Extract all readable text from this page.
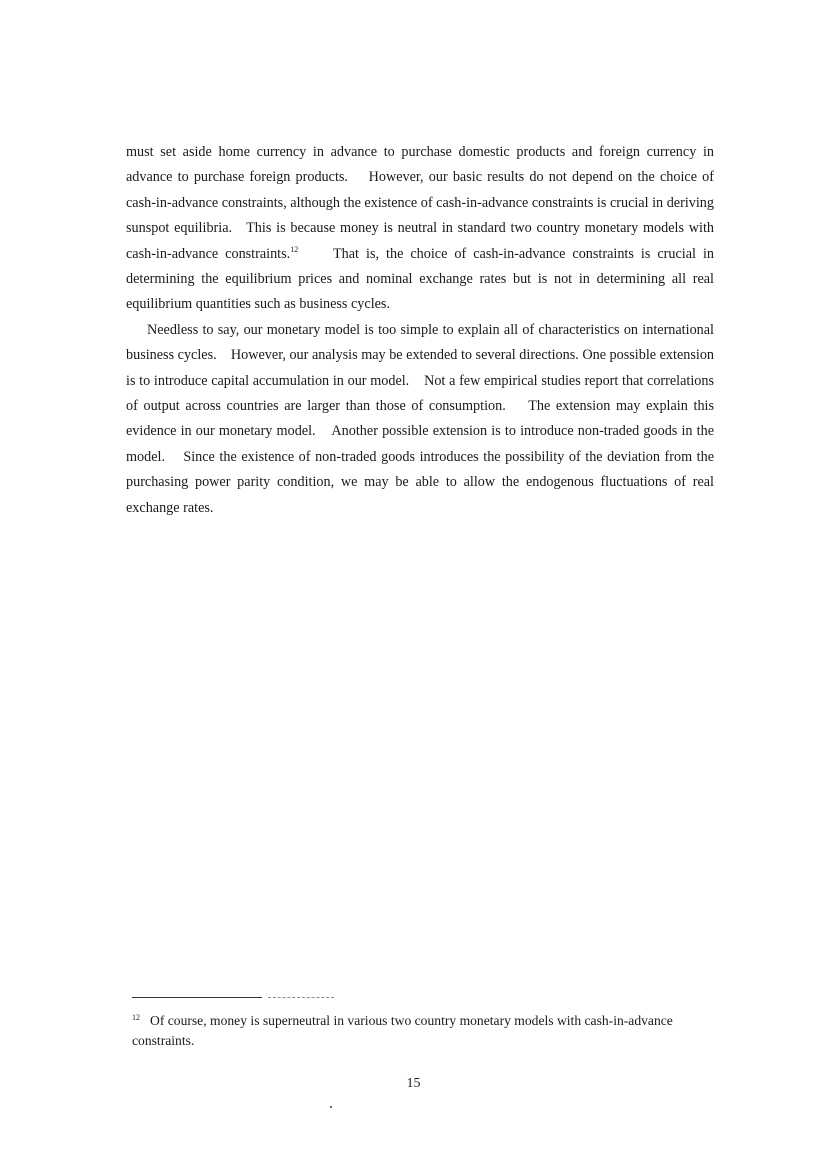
must set aside home currency in advance to purchase domestic products and foreign currency in advance to purchase foreign products. However, our basic results do not depend on the choice of cash-in-advance constraints, although the existence of cash-in-advance constraints is crucial in deriving sunspot equilibria. This is because money is neutral in standard two country monetary models with cash-in-advance constraints.$^{12}$ That is, the choice of cash-in-advance constraints is crucial in determining the equilibrium prices and nominal exchange rates but is not in determining all real equilibrium quantities such as business cycles.

Needless to say, our monetary model is too simple to explain all of characteristics on international business cycles. However, our analysis may be extended to several directions. One possible extension is to introduce capital accumulation in our model. Not a few empirical studies report that correlations of output across countries are larger than those of consumption. The extension may explain this evidence in our monetary model. Another possible extension is to introduce non-traded goods in the model. Since the existence of non-traded goods introduces the possibility of the deviation from the purchasing power parity condition, we may be able to allow the endogenous fluctuations of real exchange rates.

$^{12}$ Of course, money is superneutral in various two country monetary models with cash-in-advance constraints.
15
